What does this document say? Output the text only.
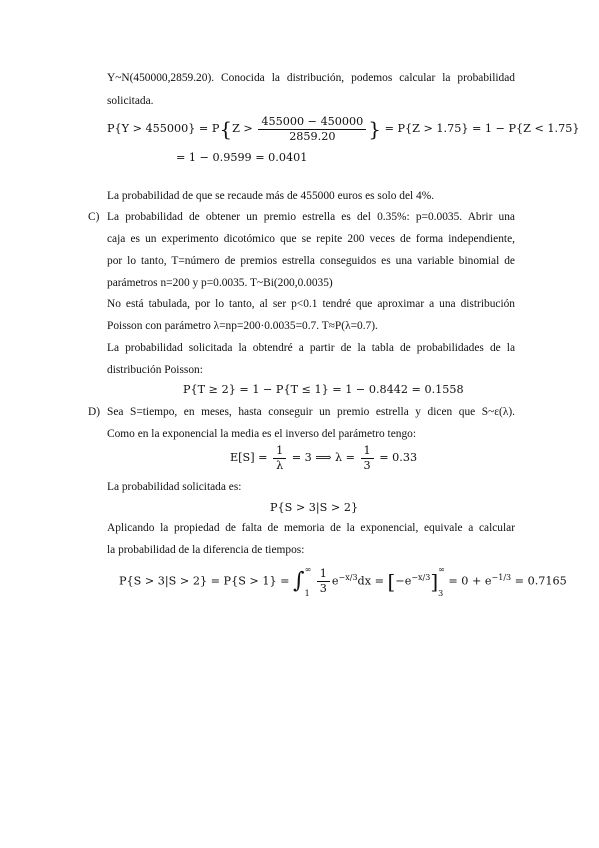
Y~N(450000,2859.20). Conocida la distribución, podemos calcular la probabilidad
solicitada.
$P\{Y > 455000\} = P\{Z > \frac{455000 - 450000}{2859.20}$ } = P{Z > 1.75} = 1 − P{Z < 1.75}
= 1 − 0.9599 = 0.0401
La probabilidad de que se recaude más de 455000 euros es solo del 4%.
C) La probabilidad de obtener un premio estrella es del 0.35%: p=0.0035. Abrir una
caja es un experimento dicotómico que se repite 200 veces de forma independiente,
por lo tanto, T=número de premios estrella conseguidos es una variable binomial de
parámetros n=200 y p=0.0035. T~Bi(200,0.0035)
No está tabulada, por lo tanto, al ser p<0.1 tendré que aproximar a una distribución
Poisson con parámetro λ=np=200·0.0035=0.7. T≈P(λ=0.7).
La probabilidad solicitada la obtendré a partir de la tabla de probabilidades de la
distribución Poisson:
P{T ≥ 2} = 1 − P{T ≤ 1} = 1 − 0.8442 = 0.1558
D) Sea S=tiempo, en meses, hasta conseguir un premio estrella y dicen que S~ε(λ).
Como en la exponencial la media es el inverso del parámetro tengo:
$E[S] = \frac{1}{\lambda} = 3$ ⟹ $\lambda = \frac{1}{3} = 0.33$
La probabilidad solicitada es:
P{S > 3|S > 2}
Aplicando la propiedad de falta de memoria de la exponencial, equivale a calcular
la probabilidad de la diferencia de tiempos:
P{S > 3|S > 2} = P{S > 1} = ∫ ∞
1
$\frac{1}{3} e^{-x/3}dx = [-e^{-x/3}]$
∞
3
= $0 + e^{-1/3} = 0.7165$
